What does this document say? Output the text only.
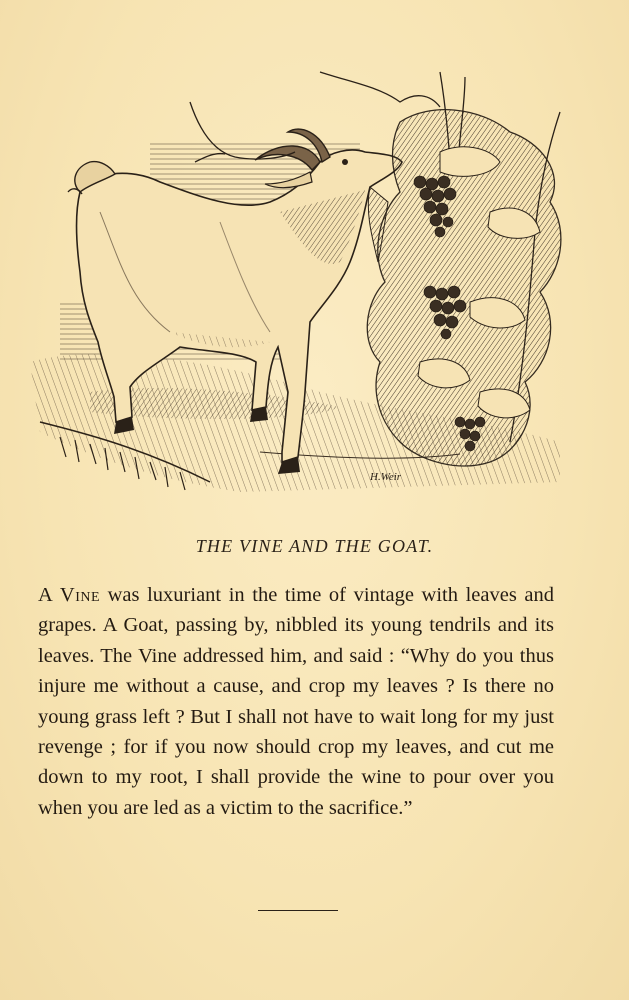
H.Weir
THE VINE AND THE GOAT.
A Vine was luxuriant in the time of vintage with leaves and grapes. A Goat, passing by, nibbled its young tendrils and its leaves. The Vine addressed him, and said : “Why do you thus injure me without a cause, and crop my leaves ? Is there no young grass left ? But I shall not have to wait long for my just revenge ; for if you now should crop my leaves, and cut me down to my root, I shall provide the wine to pour over you when you are led as a victim to the sacrifice.”
